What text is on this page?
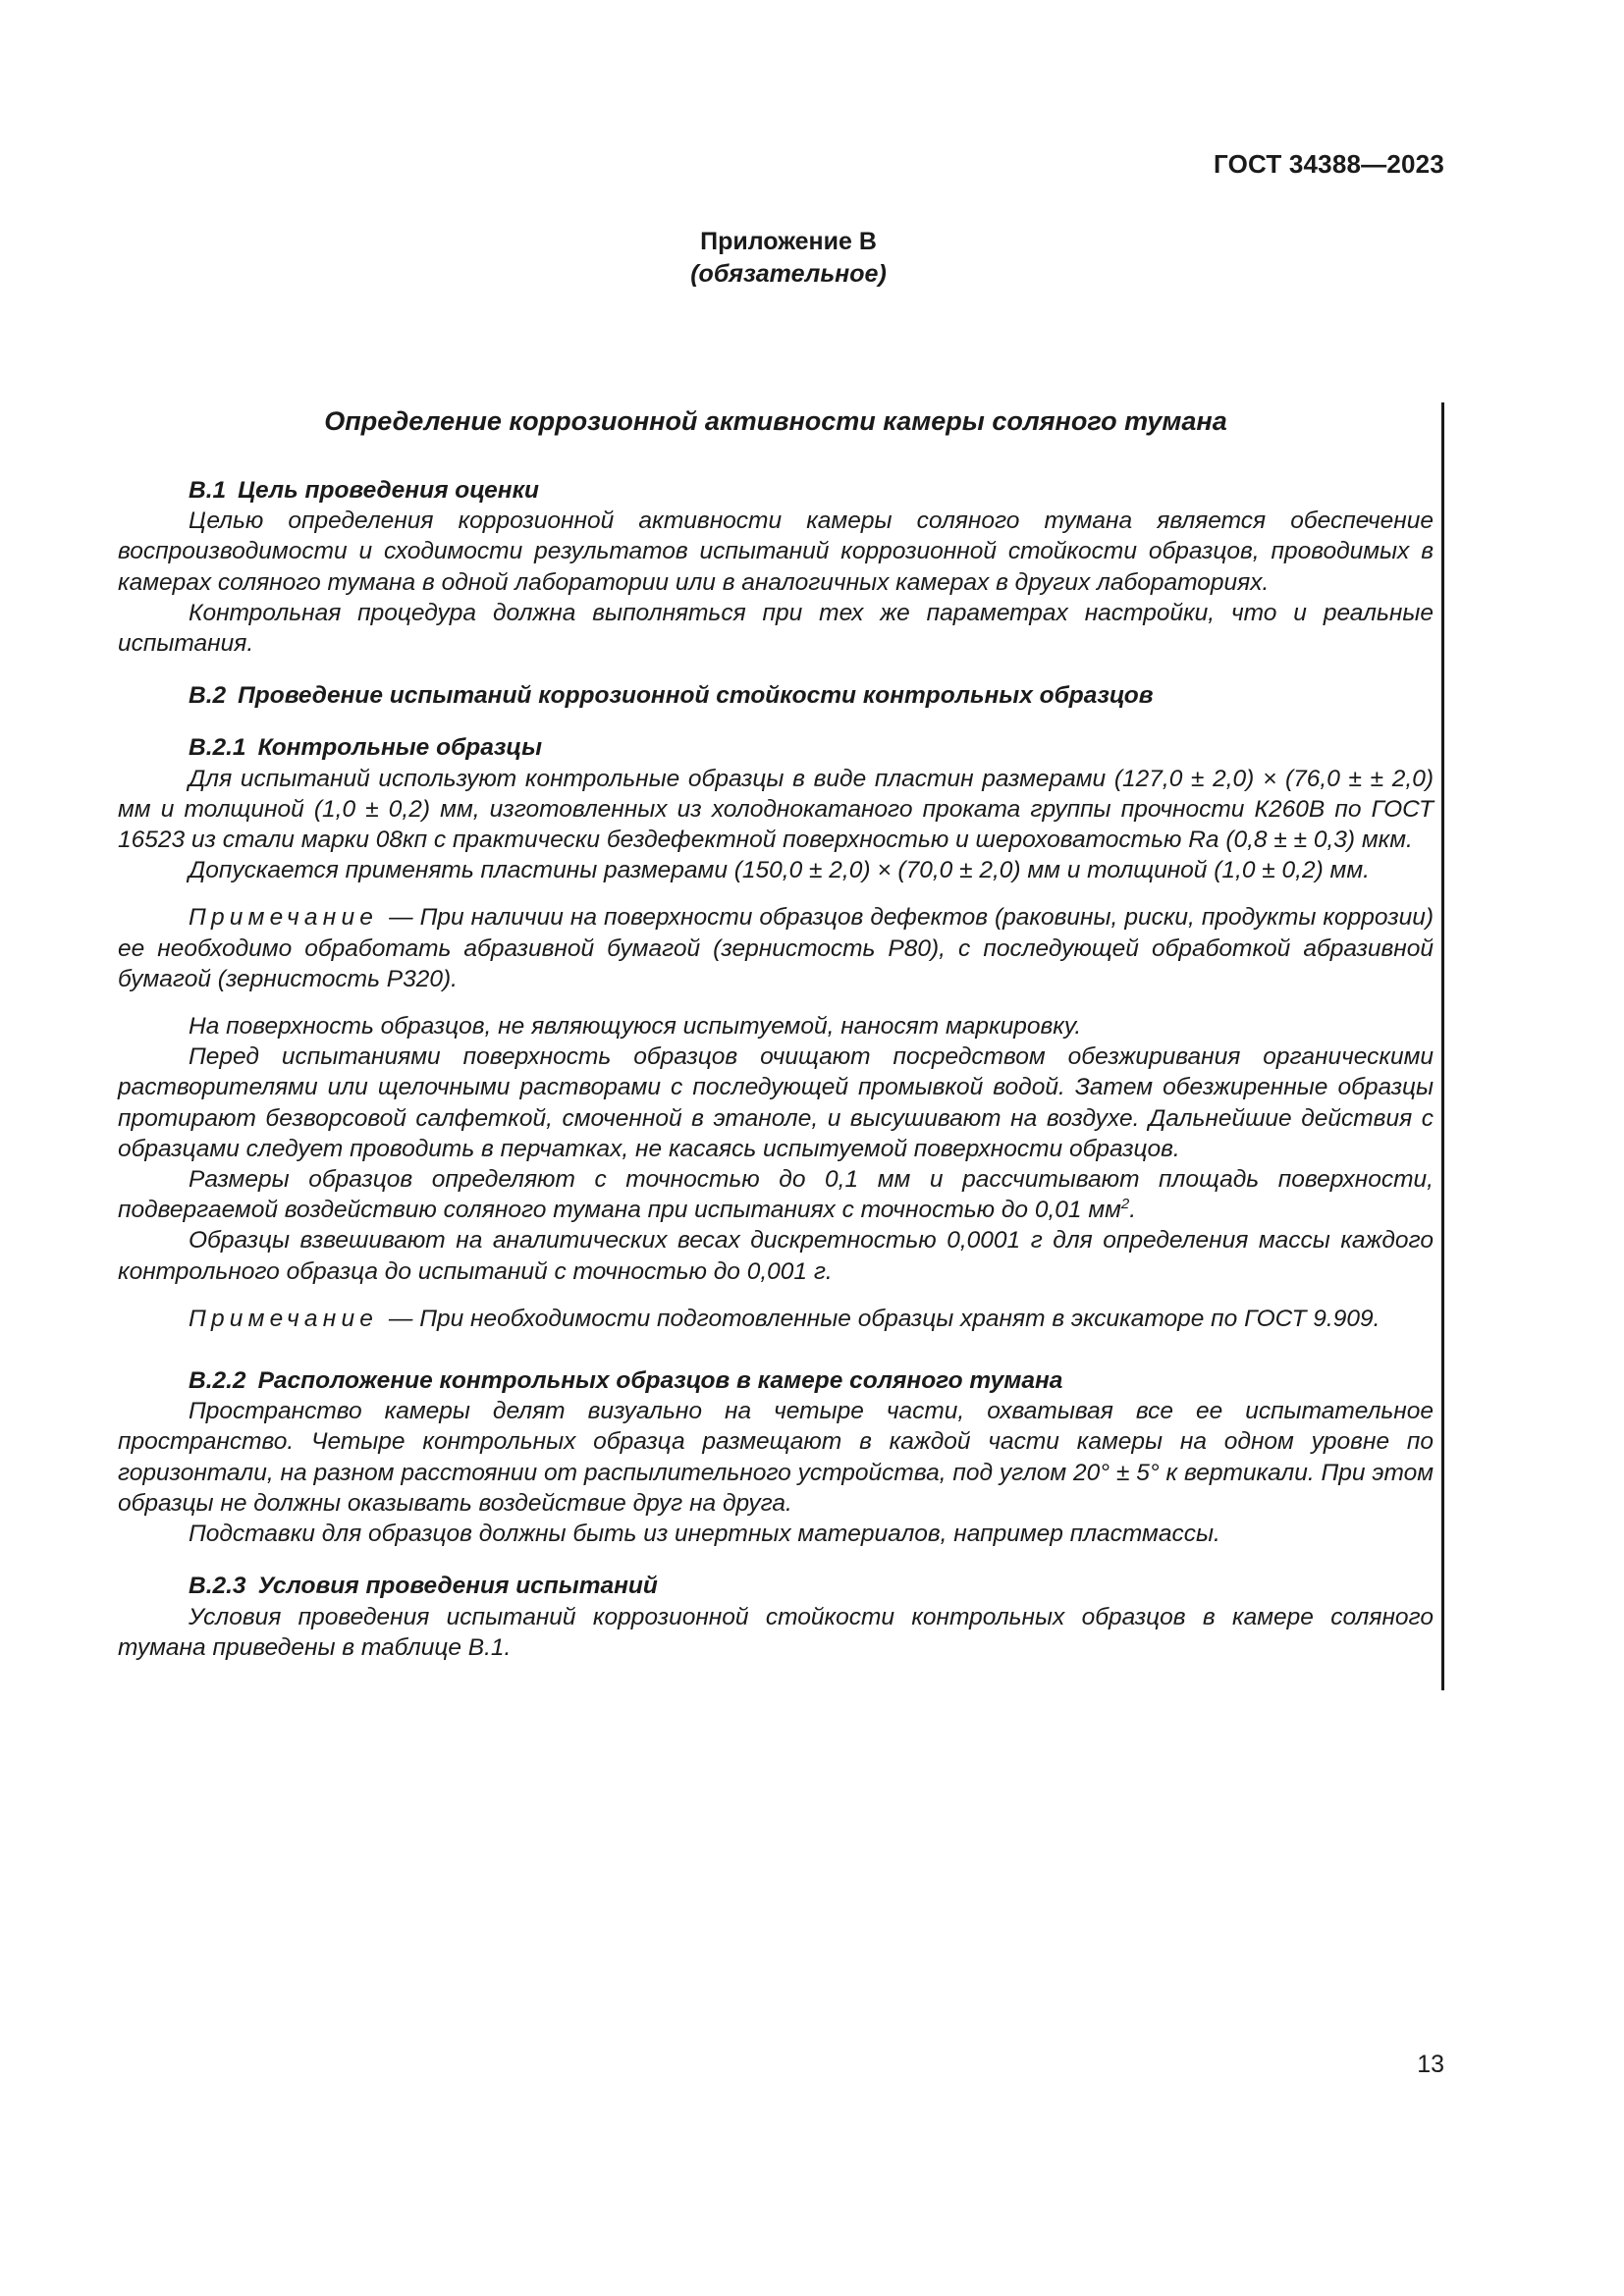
ГОСТ 34388—2023
Приложение В
(обязательное)
Определение коррозионной активности камеры соляного тумана
В.1 Цель проведения оценки

Целью определения коррозионной активности камеры соляного тумана является обеспечение воспроизводимости и сходимости результатов испытаний коррозионной стойкости образцов, проводимых в камерах соляного тумана в одной лаборатории или в аналогичных камерах в других лабораториях.

Контрольная процедура должна выполняться при тех же параметрах настройки, что и реальные испытания.

В.2 Проведение испытаний коррозионной стойкости контрольных образцов
В.2.1 Контрольные образцы

Для испытаний используют контрольные образцы в виде пластин размерами (127,0 ± 2,0) × (76,0 ± ± 2,0) мм и толщиной (1,0 ± 0,2) мм, изготовленных из холоднокатаного проката группы прочности К260В по ГОСТ 16523 из стали марки 08кп с практически бездефектной поверхностью и шероховатостью Ra (0,8 ± ± 0,3) мкм.

Допускается применять пластины размерами (150,0 ± 2,0) × (70,0 ± 2,0) мм и толщиной (1,0 ± 0,2) мм.

Примечание — При наличии на поверхности образцов дефектов (раковины, риски, продукты коррозии) ее необходимо обработать абразивной бумагой (зернистость Р80), с последующей обработкой абразивной бумагой (зернистость Р320).

На поверхность образцов, не являющуюся испытуемой, наносят маркировку.

Перед испытаниями поверхность образцов очищают посредством обезжиривания органическими растворителями или щелочными растворами с последующей промывкой водой. Затем обезжиренные образцы протирают безворсовой салфеткой, смоченной в этаноле, и высушивают на воздухе. Дальнейшие действия с образцами следует проводить в перчатках, не касаясь испытуемой поверхности образцов.

Размеры образцов определяют с точностью до 0,1 мм и рассчитывают площадь поверхности, подвергаемой воздействию соляного тумана при испытаниях с точностью до 0,01 $мм^2$.

Образцы взвешивают на аналитических весах дискретностью 0,0001 г для определения массы каждого контрольного образца до испытаний с точностью до 0,001 г.

Примечание — При необходимости подготовленные образцы хранят в эксикаторе по ГОСТ 9.909.

В.2.2 Расположение контрольных образцов в камере соляного тумана

Пространство камеры делят визуально на четыре части, охватывая все ее испытательное пространство. Четыре контрольных образца размещают в каждой части камеры на одном уровне по горизонтали, на разном расстоянии от распылительного устройства, под углом 20° ± 5° к вертикали. При этом образцы не должны оказывать воздействие друг на друга.

Подставки для образцов должны быть из инертных материалов, например пластмассы.

В.2.3 Условия проведения испытаний

Условия проведения испытаний коррозионной стойкости контрольных образцов в камере соляного тумана приведены в таблице В.1.

13
